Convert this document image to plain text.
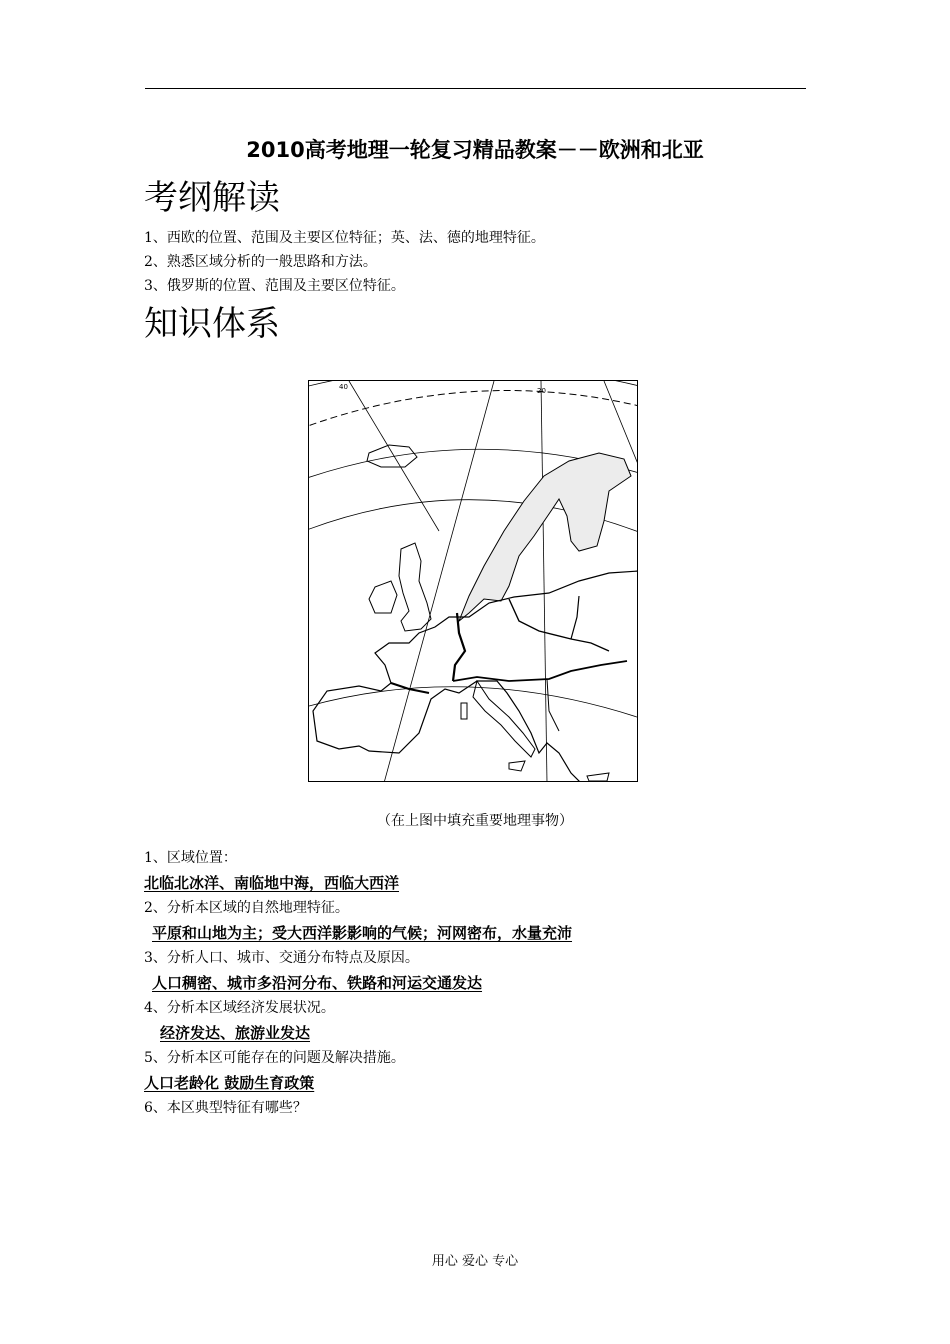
2010高考地理一轮复习精品教案－－欧洲和北亚
考纲解读
1、西欧的位置、范围及主要区位特征；英、法、德的地理特征。
2、熟悉区域分析的一般思路和方法。
3、俄罗斯的位置、范围及主要区位特征。
知识体系
40	20
（在上图中填充重要地理事物）
1、区域位置：
北临北冰洋、南临地中海，西临大西洋
2、分析本区域的自然地理特征。
平原和山地为主；受大西洋影影响的气候；河网密布，水量充沛
3、分析人口、城市、交通分布特点及原因。
人口稠密、城市多沿河分布、铁路和河运交通发达
4、分析本区域经济发展状况。
经济发达、旅游业发达
5、分析本区可能存在的问题及解决措施。
人口老龄化 鼓励生育政策
6、本区典型特征有哪些？
用心 爱心 专心
